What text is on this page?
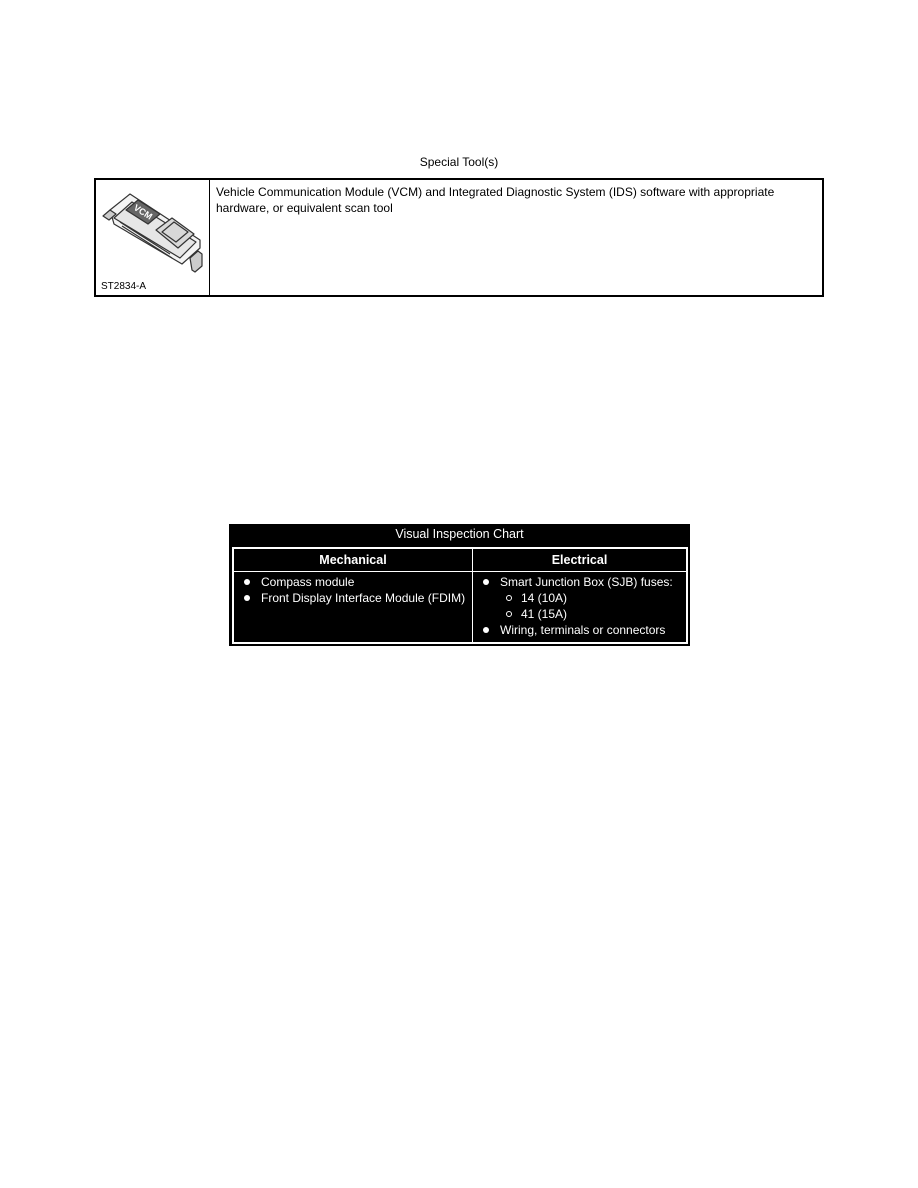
Special Tool(s)
VCM
ST2834-A
Vehicle Communication Module (VCM) and Integrated Diagnostic System (IDS) software with appropriate hardware, or equivalent scan tool
Visual Inspection Chart
Mechanical
Compass module
Front Display Interface Module (FDIM)
Electrical
Smart Junction Box (SJB) fuses:
14 (10A)
41 (15A)
Wiring, terminals or connectors
